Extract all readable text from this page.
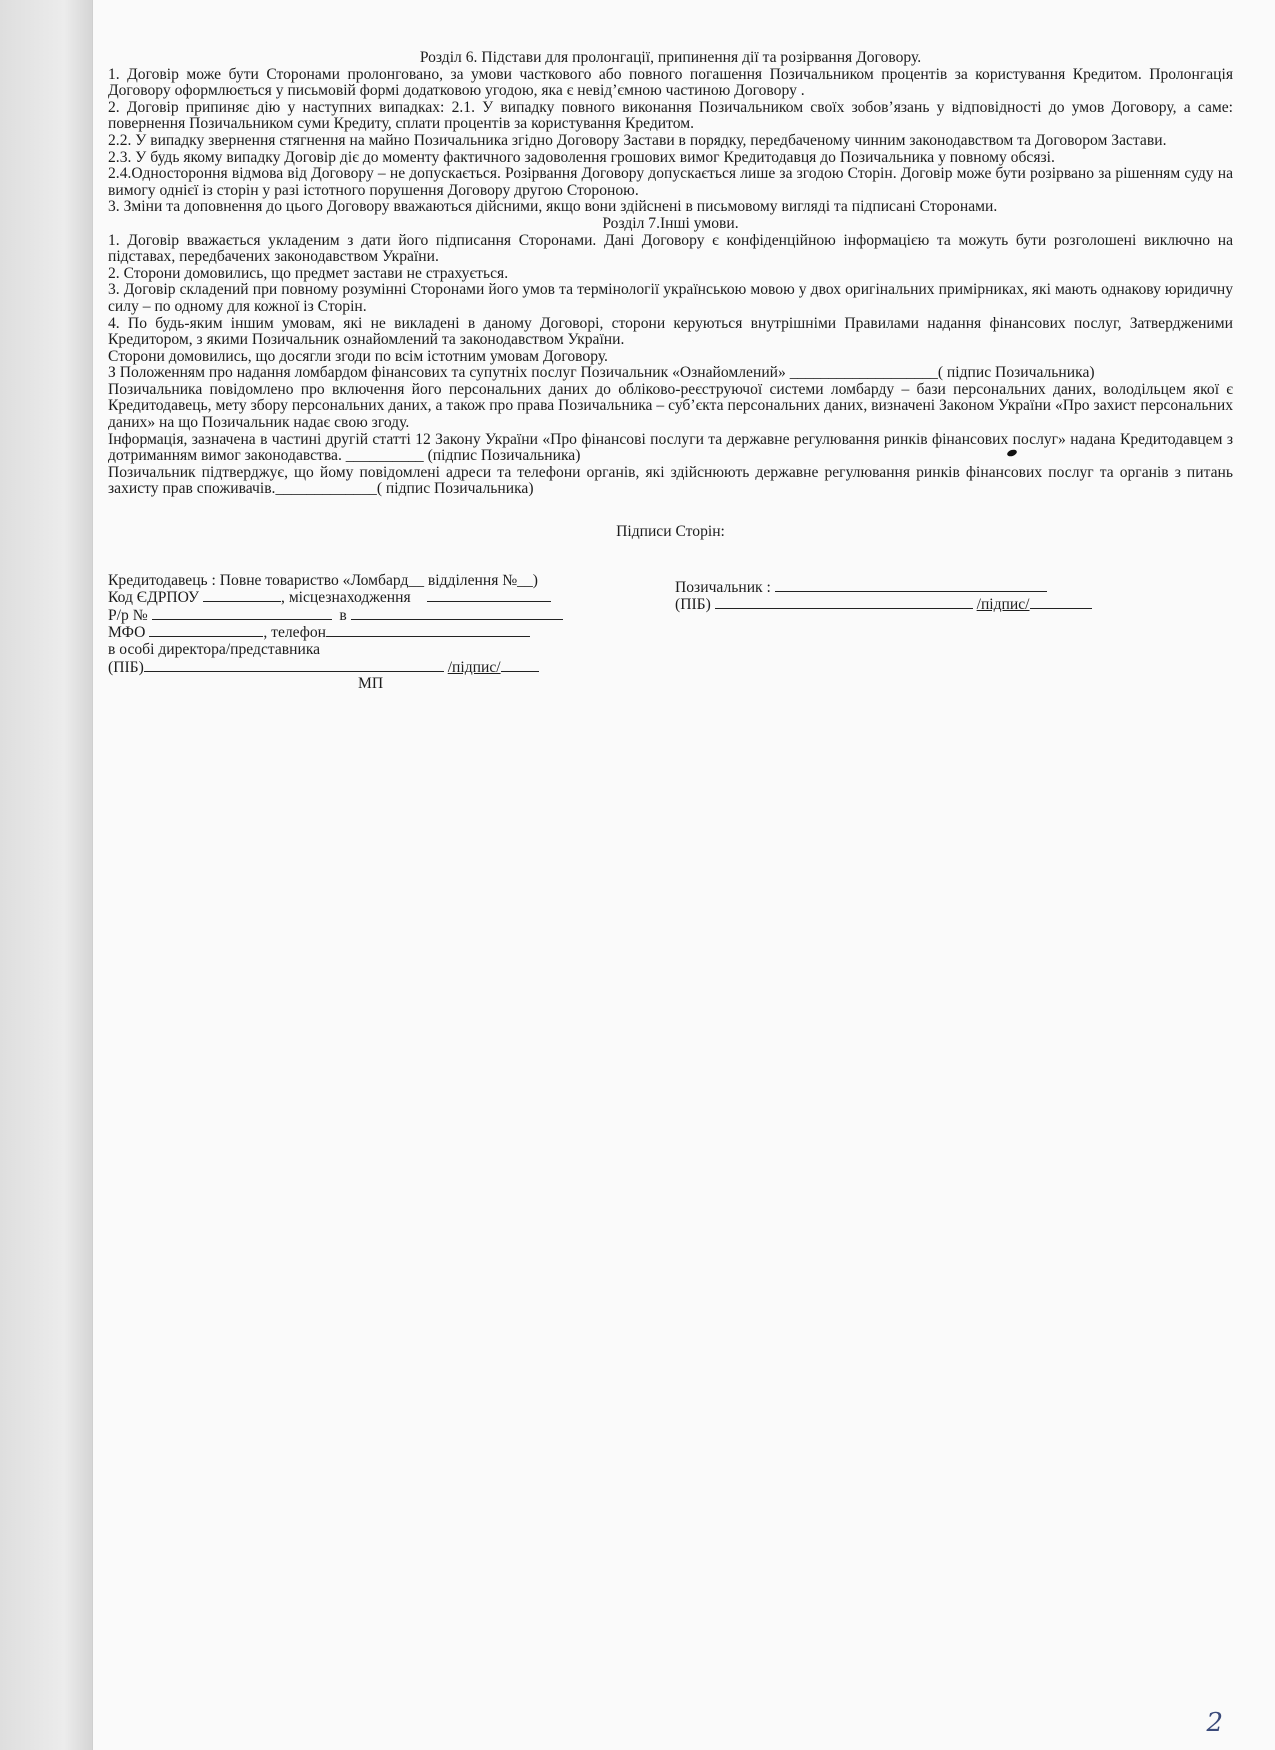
Розділ 6. Підстави для пролонгації, припинення дії та розірвання Договору.

1. Договір може бути Сторонами пролонговано, за умови часткового або повного погашення Позичальником процентів за користування Кредитом. Пролонгація Договору оформлюється у письмовій формі додатковою угодою, яка є невід’ємною частиною Договору .

2. Договір припиняє дію у наступних випадках: 2.1. У випадку повного виконання Позичальником своїх зобов’язань у відповідності до умов Договору, а саме: повернення Позичальником суми Кредиту, сплати процентів за користування Кредитом.

2.2. У випадку звернення стягнення на майно Позичальника згідно Договору Застави в порядку, передбаченому чинним законодавством та Договором Застави.

2.3. У будь якому випадку Договір діє до моменту фактичного задоволення грошових вимог Кредитодавця до Позичальника у повному обсязі.

2.4.Одностороння відмова від Договору – не допускається. Розірвання Договору допускається лише за згодою Сторін. Договір може бути розірвано за рішенням суду на вимогу однієї із сторін у разі істотного порушення Договору другою Стороною.

3. Зміни та доповнення до цього Договору вважаються дійсними, якщо вони здійснені в письмовому вигляді та підписані Сторонами.

Розділ 7.Інші умови.

1. Договір вважається укладеним з дати його підписання Сторонами. Дані Договору є конфіденційною інформацією та можуть бути розголошені виключно на підставах, передбачених законодавством України.

2. Сторони домовились, що предмет застави не страхується.

3. Договір складений при повному розумінні Сторонами його умов та термінології українською мовою у двох оригінальних примірниках, які мають однакову юридичну силу – по одному для кожної із Сторін.

4. По будь-яким іншим умовам, які не викладені в даному Договорі, сторони керуються внутрішніми Правилами надання фінансових послуг, Затвердженими Кредитором, з якими Позичальник ознайомлений та законодавством України.

Сторони домовились, що досягли згоди по всім істотним умовам Договору.

З Положенням про надання ломбардом фінансових та супутніх послуг Позичальник «Ознайомлений» ___________________( підпис Позичальника)

Позичальника повідомлено про включення його персональних даних до обліково-реєструючої системи ломбарду – бази персональних даних, володільцем якої є Кредитодавець, мету збору персональних даних, а також про права Позичальника – суб’єкта персональних даних, визначені Законом України «Про захист персональних даних» на що Позичальник надає свою згоду.

Інформація, зазначена в частині другій статті 12 Закону України «Про фінансові послуги та державне регулювання ринків фінансових послуг» надана Кредитодавцем з дотриманням вимог законодавства. __________ (підпис Позичальника)

Позичальник підтверджує, що йому повідомлені адреси та телефони органів, які здійснюють державне регулювання ринків фінансових послуг та органів з питань захисту прав споживачів._____________( підпис Позичальника)

Підписи Сторін:
Кредитодавець : Повне товариство «Ломбард__ відділення №__)
Код ЄДРПОУ	, місцезнаходження
Р/р №	в
МФО	, телефон
в особі директора/представника
(ПІБ)	/підпис/
МП
Позичальник :
(ПІБ)	/підпис/
2
